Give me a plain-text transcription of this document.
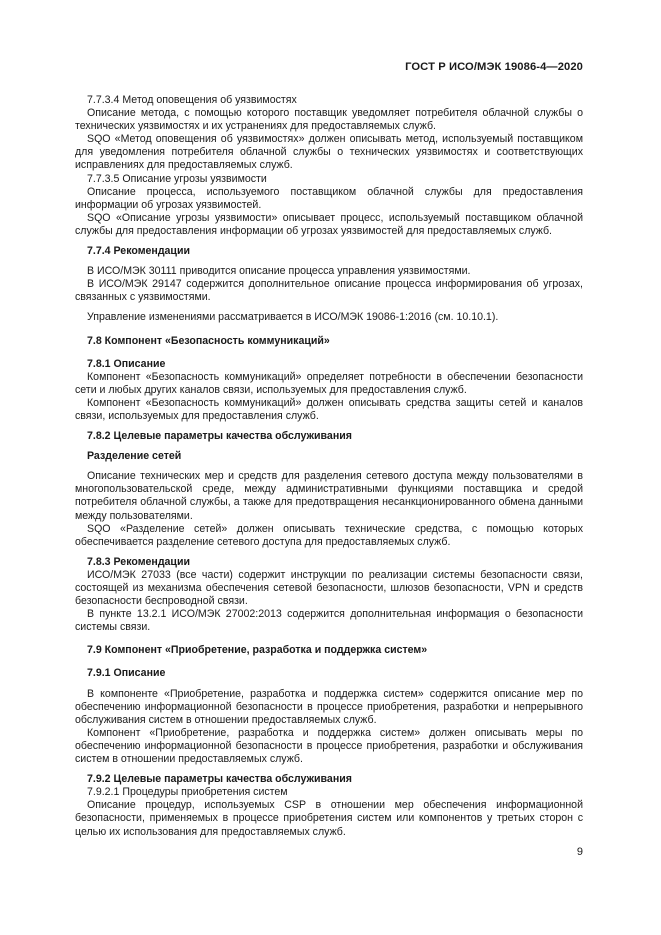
ГОСТ Р ИСО/МЭК 19086-4—2020

7.7.3.4 Метод оповещения об уязвимостях

Описание метода, с помощью которого поставщик уведомляет потребителя облачной службы о технических уязвимостях и их устранениях для предоставляемых служб.

SQO «Метод оповещения об уязвимостях» должен описывать метод, используемый поставщиком для уведомления потребителя облачной службы о технических уязвимостях и соответствующих исправлениях для предоставляемых служб.

7.7.3.5 Описание угрозы уязвимости

Описание процесса, используемого поставщиком облачной службы для предоставления информации об угрозах уязвимостей.

SQO «Описание угрозы уязвимости» описывает процесс, используемый поставщиком облачной службы для предоставления информации об угрозах уязвимостей для предоставляемых служб.

7.7.4 Рекомендации

В ИСО/МЭК 30111 приводится описание процесса управления уязвимостями.

В ИСО/МЭК 29147 содержится дополнительное описание процесса информирования об угрозах, связанных с уязвимостями.

Управление изменениями рассматривается в ИСО/МЭК 19086-1:2016 (см. 10.10.1).

7.8 Компонент «Безопасность коммуникаций»

7.8.1 Описание

Компонент «Безопасность коммуникаций» определяет потребности в обеспечении безопасности сети и любых других каналов связи, используемых для предоставления служб.

Компонент «Безопасность коммуникаций» должен описывать средства защиты сетей и каналов связи, используемых для предоставления служб.

7.8.2 Целевые параметры качества обслуживания

Разделение сетей

Описание технических мер и средств для разделения сетевого доступа между пользователями в многопользовательской среде, между административными функциями поставщика и средой потребителя облачной службы, а также для предотвращения несанкционированного обмена данными между пользователями.

SQO «Разделение сетей» должен описывать технические средства, с помощью которых обеспечивается разделение сетевого доступа для предоставляемых служб.

7.8.3 Рекомендации

ИСО/МЭК 27033 (все части) содержит инструкции по реализации системы безопасности связи, состоящей из механизма обеспечения сетевой безопасности, шлюзов безопасности, VPN и средств безопасности беспроводной связи.

В пункте 13.2.1 ИСО/МЭК 27002:2013 содержится дополнительная информация о безопасности системы связи.

7.9 Компонент «Приобретение, разработка и поддержка систем»

7.9.1 Описание

В компоненте «Приобретение, разработка и поддержка систем» содержится описание мер по обеспечению информационной безопасности в процессе приобретения, разработки и непрерывного обслуживания систем в отношении предоставляемых служб.

Компонент «Приобретение, разработка и поддержка систем» должен описывать меры по обеспечению информационной безопасности в процессе приобретения, разработки и обслуживания систем в отношении предоставляемых служб.

7.9.2 Целевые параметры качества обслуживания

7.9.2.1 Процедуры приобретения систем

Описание процедур, используемых CSP в отношении мер обеспечения информационной безопасности, применяемых в процессе приобретения систем или компонентов у третьих сторон с целью их использования для предоставляемых служб.

9
